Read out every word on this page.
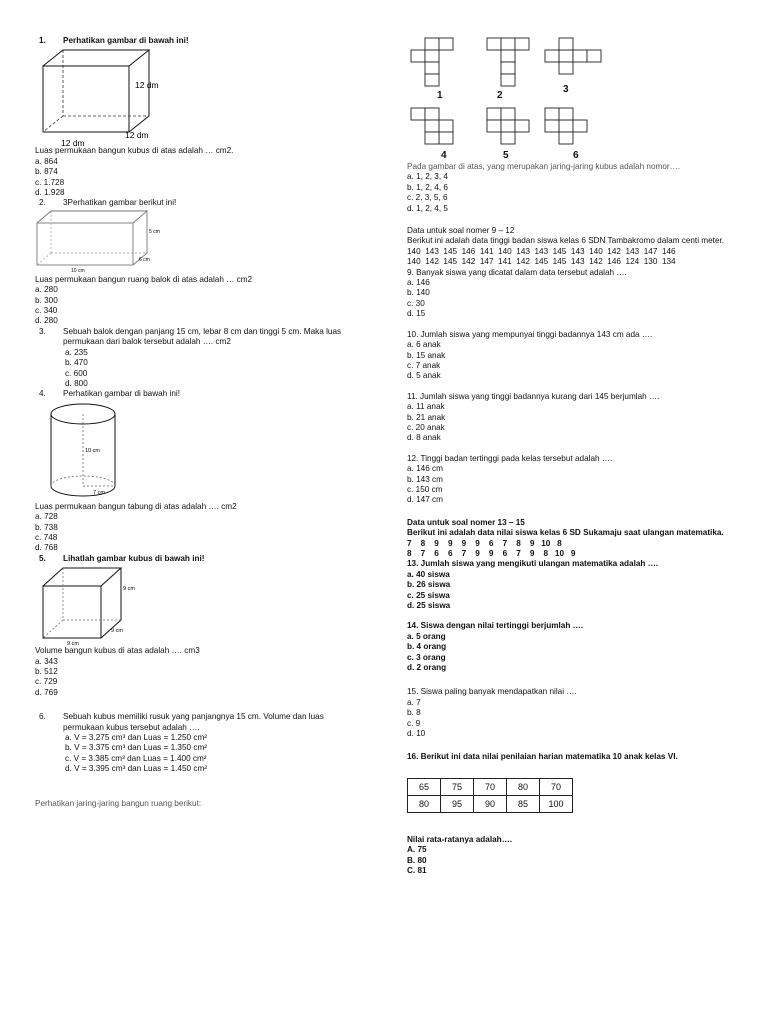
1. Perhatikan gambar di bawah ini!

12 dm
12 dm
12 dm

Luas permukaan bangun kubus di atas adalah … cm2.

a. 864

b. 874

c. 1.728

d. 1.928

2. 3Perhatikan gambar berikut ini!

5 cm
6 cm
10 cm

Luas permukaan bangun ruang balok di atas adalah … cm2

a. 280

b. 300

c. 340

d. 280

3.	Sebuah balok dengan panjang 15 cm, lebar 8 cm dan tinggi 5 cm. Maka luas permukaan dari balok tersebut adalah …. cm2

a. 235

b. 470

c. 600

d. 800

4. Perhatikan gambar di bawah ini!

10 cm
7 cm

Luas permukaan bangun tabung di atas adalah …. cm2

a. 728

b. 738

c. 748

d. 768

5. Lihatlah gambar kubus di bawah ini!

9 cm
9 cm
9 cm

Volume bangun kubus di atas adalah …. cm3

a. 343

b. 512

c. 729

d. 769

6.	Sebuah kubus memiliki rusuk yang panjangnya 15 cm. Volume dan luas permukaan kubus tersebut adalah ….

a. V = 3.275 cm³ dan Luas = 1.250 cm²

b. V = 3.375 cm³ dan Luas = 1.350 cm²

c. V = 3.385 cm³ dan Luas = 1.400 cm²

d. V = 3.395 cm³ dan Luas = 1.450 cm²

Perhatikan jaring-jaring bangun ruang berikut:

1	2
3
4	5	6

Pada gambar di atas, yang merupakan jaring-jaring kubus adalah nomor….

a. 1, 2, 3, 4

b. 1, 2, 4, 6

c. 2, 3, 5, 6

d. 1, 2, 4, 5

Data untuk soal nomer 9 – 12

Berikut ini adalah data tinggi badan siswa kelas 6 SDN Tambakromo dalam centi meter.

140  143  145  146  141  140  143  143  145  143  140  142  143  147  146

140  142  145  142  147  141  142  145  145  143  142  146  124  130  134

9. Banyak siswa yang dicatat dalam data tersebut adalah ….

a. 146

b. 140

c. 30

d. 15

10. Jumlah siswa yang mempunyai tinggi badannya 143 cm ada ….

a. 6 anak

b. 15 anak

c. 7 anak

d. 5 anak

11. Jumlah siswa yang tinggi badannya kurang dari 145 berjumlah ….

a. 11 anak

b. 21 anak

c. 20 anak

d. 8 anak

12. Tinggi badan tertinggi pada kelas tersebut adalah ….

a. 146 cm

b. 143 cm

c. 150 cm

d. 147 cm

Data untuk soal nomer 13 – 15

Berikut ini adalah data nilai siswa kelas 6 SD Sukamaju saat ulangan matematika.

7    8    9    9    9    9    6    7    8    9   10   8

8    7    6    6    7    9    9    6    7    9    8   10   9

13. Jumlah siswa yang mengikuti ulangan matematika adalah ….

a. 40 siswa

b. 26 siswa

c. 25 siswa

d. 25 siswa

14. Siswa dengan nilai tertinggi berjumlah ….

a. 5 orang

b. 4 orang

c. 3 orang

d. 2 orang

15. Siswa paling banyak mendapatkan nilai ….

a. 7

b. 8

c. 9

d. 10

16. Berikut ini data nilai penilaian harian matematika 10 anak kelas VI.

65	75	70	80	70
80	95	90	85	100

Nilai rata-ratanya adalah….

A. 75

B. 80

C. 81
